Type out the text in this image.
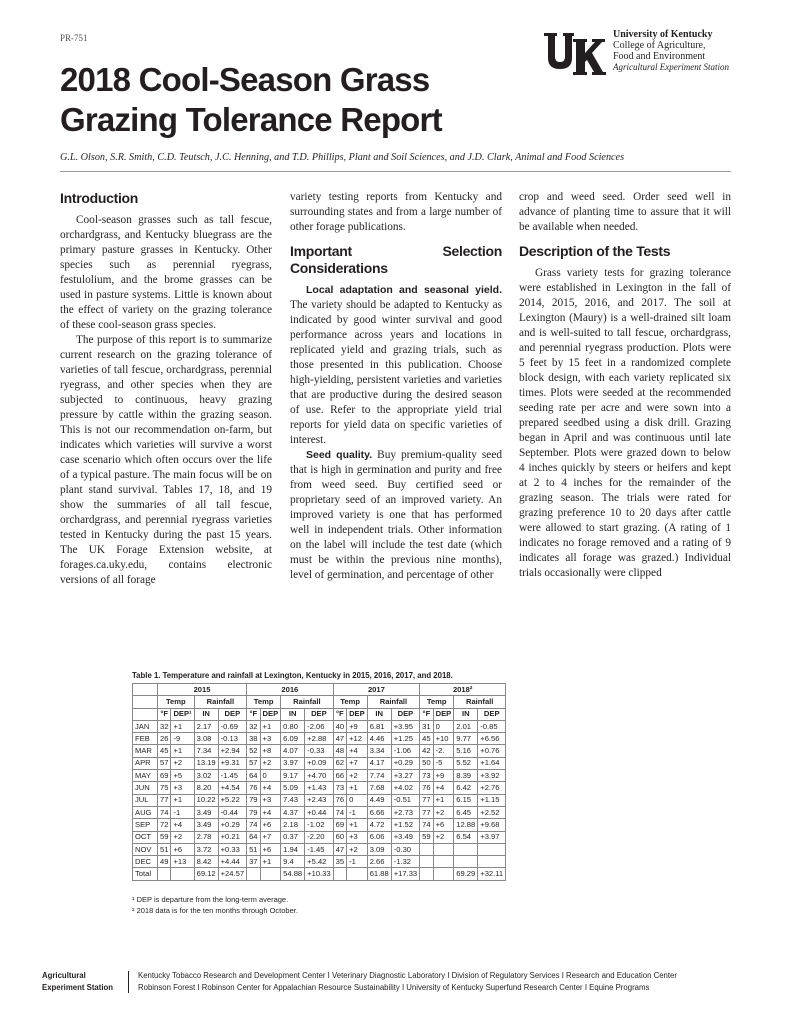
PR-751
2018 Cool-Season Grass
Grazing Tolerance Report
University of Kentucky
College of Agriculture,
Food and Environment
Agricultural Experiment Station
G.L. Olson, S.R. Smith, C.D. Teutsch, J.C. Henning, and T.D. Phillips, Plant and Soil Sciences, and J.D. Clark, Animal and Food Sciences
Introduction

Cool-season grasses such as tall fescue, orchardgrass, and Kentucky bluegrass are the primary pasture grasses in Kentucky. Other species such as perennial ryegrass, festulolium, and the brome grasses can be used in pasture systems. Little is known about the effect of variety on the grazing tolerance of these cool-season grass species.

The purpose of this report is to summarize current research on the grazing tolerance of varieties of tall fescue, orchardgrass, perennial ryegrass, and other species when they are subjected to continuous, heavy grazing pressure by cattle within the grazing season. This is not our recommendation on-farm, but indicates which varieties will survive a worst case scenario which often occurs over the life of a typical pasture. The main focus will be on plant stand survival. Tables 17, 18, and 19 show the summaries of all tall fescue, orchardgrass, and perennial ryegrass varieties tested in Kentucky during the past 15 years. The UK Forage Extension website, at forages.ca.uky.edu, contains electronic versions of all forage

variety testing reports from Kentucky and surrounding states and from a large number of other forage publications.

Important Selection Considerations

Local adaptation and seasonal yield. The variety should be adapted to Kentucky as indicated by good winter survival and good performance across years and locations in replicated yield and grazing trials, such as those presented in this publication. Choose high-yielding, persistent varieties and varieties that are productive during the desired season of use. Refer to the appropriate yield trial reports for yield data on specific varieties of interest.

Seed quality. Buy premium-quality seed that is high in germination and purity and free from weed seed. Buy certified seed or proprietary seed of an improved variety. An improved variety is one that has performed well in independent trials. Other information on the label will include the test date (which must be within the previous nine months), level of germination, and percentage of other

crop and weed seed. Order seed well in advance of planting time to assure that it will be available when needed.

Description of the Tests

Grass variety tests for grazing tolerance were established in Lexington in the fall of 2014, 2015, 2016, and 2017. The soil at Lexington (Maury) is a well-drained silt loam and is well-suited to tall fescue, orchardgrass, and perennial ryegrass production. Plots were 5 feet by 15 feet in a randomized complete block design, with each variety replicated six times. Plots were seeded at the recommended seeding rate per acre and were sown into a prepared seedbed using a disk drill. Grazing began in April and was continuous until late September. Plots were grazed down to below 4 inches quickly by steers or heifers and kept at 2 to 4 inches for the remainder of the grazing season. The trials were rated for grazing preference 10 to 20 days after cattle were allowed to start grazing. (A rating of 1 indicates no forage removed and a rating of 9 indicates all forage was grazed.) Individual trials occasionally were clipped

Table 1. Temperature and rainfall at Lexington, Kentucky in 2015, 2016, 2017, and 2018.
	2015				2016				2017				2018²			
	Temp		Rainfall		Temp		Rainfall		Temp		Rainfall		Temp		Rainfall	
	°F	DEP¹	IN	DEP	°F	DEP	IN	DEP	°F	DEP	IN	DEP	°F	DEP	IN	DEP
JAN	32	+1	2.17	-0.69	32	+1	0.80	-2.06	40	+9	6.81	+3.95	31	0	2.01	-0.85
FEB	26	-9	3.08	-0.13	38	+3	6.09	+2.88	47	+12	4.46	+1.25	45	+10	9.77	+6.56
MAR	45	+1	7.34	+2.94	52	+8	4.07	-0.33	48	+4	3.34	-1.06	42	-2.	5.16	+0.76
APR	57	+2	13.19	+9.31	57	+2	3.97	+0.09	62	+7	4.17	+0.29	50	-5	5.52	+1.64
MAY	69	+5	3.02	-1.45	64	0	9.17	+4.70	66	+2	7.74	+3.27	73	+9	8.39	+3.92
JUN	75	+3	8.20	+4.54	76	+4	5.09	+1.43	73	+1	7.68	+4.02	76	+4	6.42	+2.76
JUL	77	+1	10.22	+5.22	79	+3	7.43	+2.43	76	0	4.49	-0.51	77	+1	6.15	+1.15
AUG	74	-1	3.49	-0.44	79	+4	4.37	+0.44	74	-1	6.66	+2.73	77	+2	6.45	+2.52
SEP	72	+4	3.49	+0.29	74	+6	2.18	-1.02	69	+1	4.72	+1.52	74	+6	12.88	+9.68
OCT	59	+2	2.78	+0.21	64	+7	0.37	-2.20	60	+3	6.06	+3.49	59	+2	6.54	+3.97
NOV	51	+6	3.72	+0.33	51	+6	1.94	-1.45	47	+2	3.09	-0.30				
DEC	49	+13	8.42	+4.44	37	+1	9.4	+5.42	35	-1	2.66	-1.32				
Total			69.12	+24.57			54.88	+10.33			61.88	+17.33			69.29	+32.11
¹ DEP is departure from the long-term average.
² 2018 data is for the ten months through October.
Agricultural
Experiment Station
Kentucky Tobacco Research and Development Center I Veterinary Diagnostic Laboratory I Division of Regulatory Services I Research and Education Center
Robinson Forest I Robinson Center for Appalachian Resource Sustainability I University of Kentucky Superfund Research Center I Equine Programs
